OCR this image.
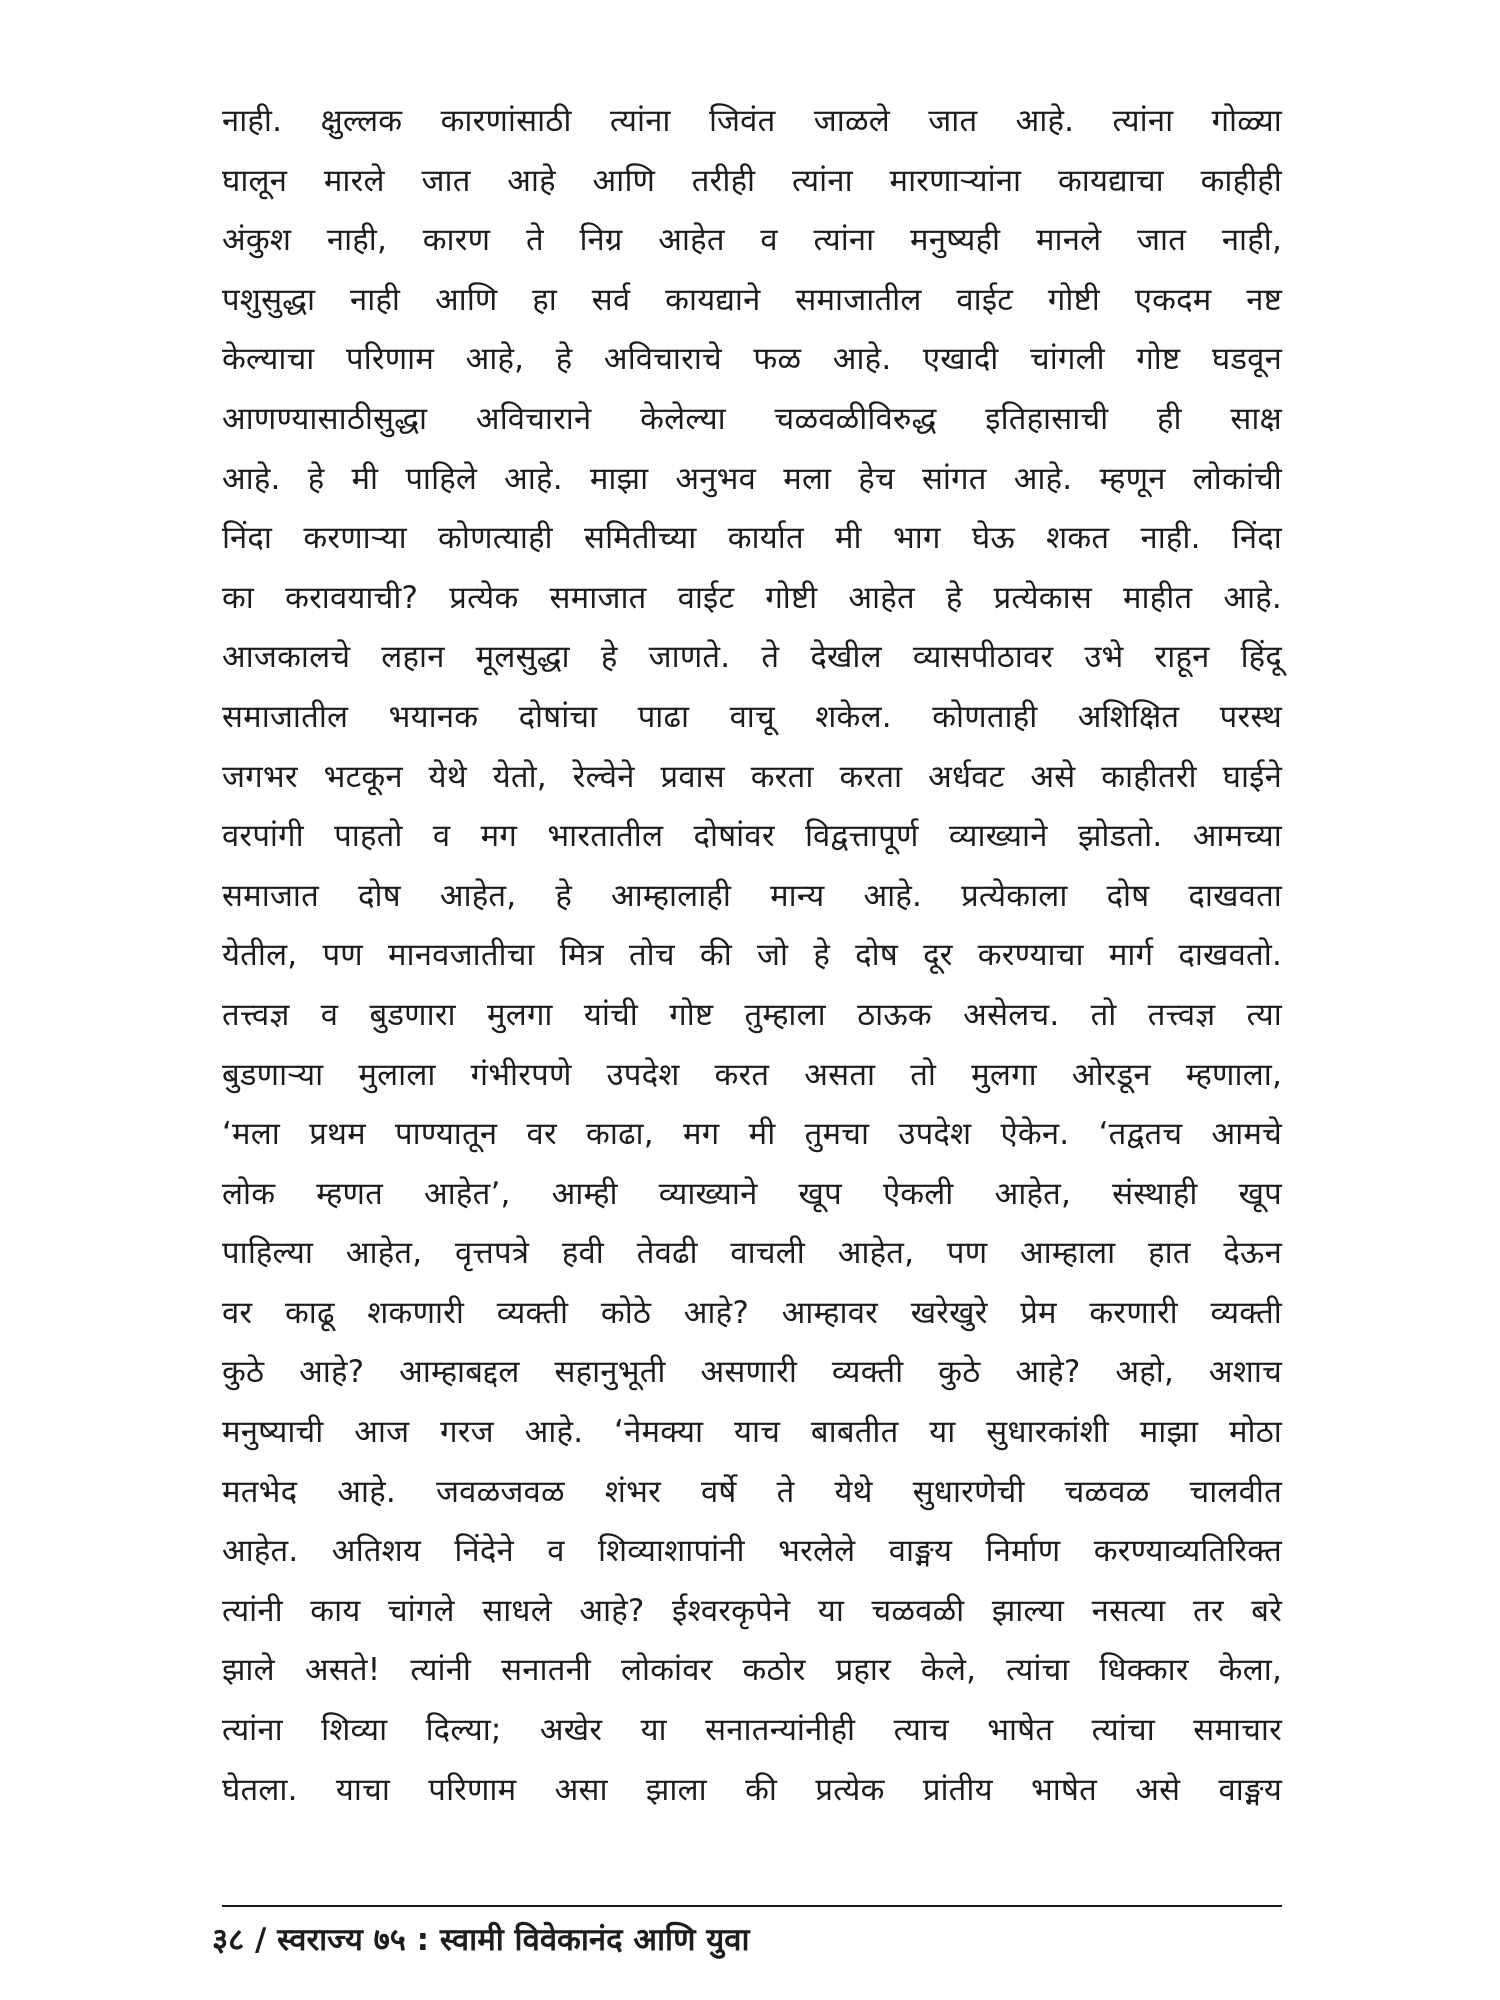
नाही. क्षुल्लक कारणांसाठी त्यांना जिवंत जाळले जात आहे. त्यांना गोळ्या
घालून मारले जात आहे आणि तरीही त्यांना मारणाऱ्यांना कायद्याचा काहीही
अंकुश नाही, कारण ते निग्र आहेत व त्यांना मनुष्यही मानले जात नाही,
पशुसुद्धा नाही आणि हा सर्व कायद्याने समाजातील वाईट गोष्टी एकदम नष्ट
केल्याचा परिणाम आहे, हे अविचाराचे फळ आहे. एखादी चांगली गोष्ट घडवून
आणण्यासाठीसुद्धा अविचाराने केलेल्या चळवळीविरुद्ध इतिहासाची ही साक्ष
आहे. हे मी पाहिले आहे. माझा अनुभव मला हेच सांगत आहे. म्हणून लोकांची
निंदा करणाऱ्या कोणत्याही समितीच्या कार्यात मी भाग घेऊ शकत नाही. निंदा
का करावयाची? प्रत्येक समाजात वाईट गोष्टी आहेत हे प्रत्येकास माहीत आहे.
आजकालचे लहान मूलसुद्धा हे जाणते. ते देखील व्यासपीठावर उभे राहून हिंदू
समाजातील भयानक दोषांचा पाढा वाचू शकेल. कोणताही अशिक्षित परस्थ
जगभर भटकून येथे येतो, रेल्वेने प्रवास करता करता अर्धवट असे काहीतरी घाईने
वरपांगी पाहतो व मग भारतातील दोषांवर विद्वत्तापूर्ण व्याख्याने झोडतो. आमच्या
समाजात दोष आहेत, हे आम्हालाही मान्य आहे. प्रत्येकाला दोष दाखवता
येतील, पण मानवजातीचा मित्र तोच की जो हे दोष दूर करण्याचा मार्ग दाखवतो.
तत्त्वज्ञ व बुडणारा मुलगा यांची गोष्ट तुम्हाला ठाऊक असेलच. तो तत्त्वज्ञ त्या
बुडणाऱ्या मुलाला गंभीरपणे उपदेश करत असता तो मुलगा ओरडून म्हणाला,
‘मला प्रथम पाण्यातून वर काढा, मग मी तुमचा उपदेश ऐकेन. ‘तद्वतच आमचे
लोक म्हणत आहेत’, आम्ही व्याख्याने खूप ऐकली आहेत, संस्थाही खूप
पाहिल्या आहेत, वृत्तपत्रे हवी तेवढी वाचली आहेत, पण आम्हाला हात देऊन
वर काढू शकणारी व्यक्ती कोठे आहे? आम्हावर खरेखुरे प्रेम करणारी व्यक्ती
कुठे आहे? आम्हाबद्दल सहानुभूती असणारी व्यक्ती कुठे आहे? अहो, अशाच
मनुष्याची आज गरज आहे. ‘नेमक्या याच बाबतीत या सुधारकांशी माझा मोठा
मतभेद आहे. जवळजवळ शंभर वर्षे ते येथे सुधारणेची चळवळ चालवीत
आहेत. अतिशय निंदेने व शिव्याशापांनी भरलेले वाङ्मय निर्माण करण्याव्यतिरिक्त
त्यांनी काय चांगले साधले आहे? ईश्वरकृपेने या चळवळी झाल्या नसत्या तर बरे
झाले असते! त्यांनी सनातनी लोकांवर कठोर प्रहार केले, त्यांचा धिक्कार केला,
त्यांना शिव्या दिल्या; अखेर या सनातन्यांनीही त्याच भाषेत त्यांचा समाचार
घेतला. याचा परिणाम असा झाला की प्रत्येक प्रांतीय भाषेत असे वाङ्मय
३८ / स्वराज्य ७५ : स्वामी विवेकानंद आणि युवा
